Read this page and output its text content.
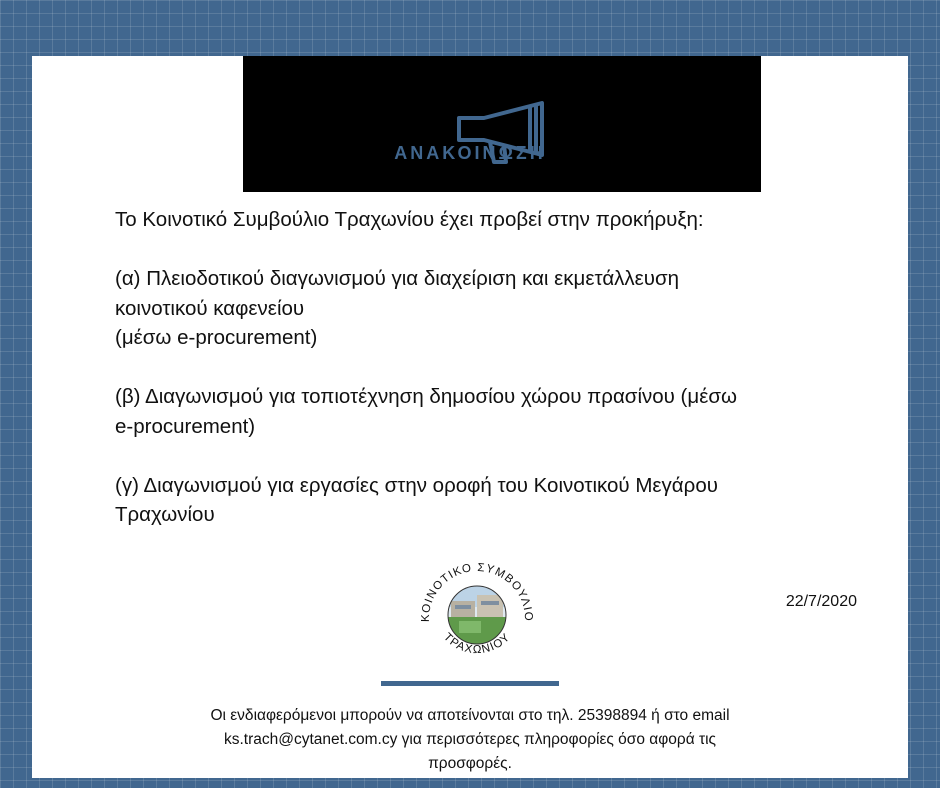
ΑΝΑΚΟΙΝΩΣΗ

Το Κοινοτικό Συμβούλιο Τραχωνίου έχει προβεί στην προκήρυξη:

(α) Πλειοδοτικού διαγωνισμού για διαχείριση και εκμετάλλευση
κοινοτικού καφενείου
(μέσω e-procurement)

(β) Διαγωνισμού για τοπιοτέχνηση δημοσίου χώρου πρασίνου (μέσω
e-procurement)

(γ) Διαγωνισμού για εργασίες στην οροφή του Κοινοτικού Μεγάρου
Τραχωνίου

ΚΟΙΝΟΤΙΚΟ ΣΥΜΒΟΥΛΙΟ
ΤΡΑΧΩΝΙΟΥ
22/7/2020
Οι ενδιαφερόμενοι μπορούν να αποτείνονται στο τηλ. 25398894 ή στο email
ks.trach@cytanet.com.cy για περισσότερες πληροφορίες όσο αφορά τις
προσφορές.
